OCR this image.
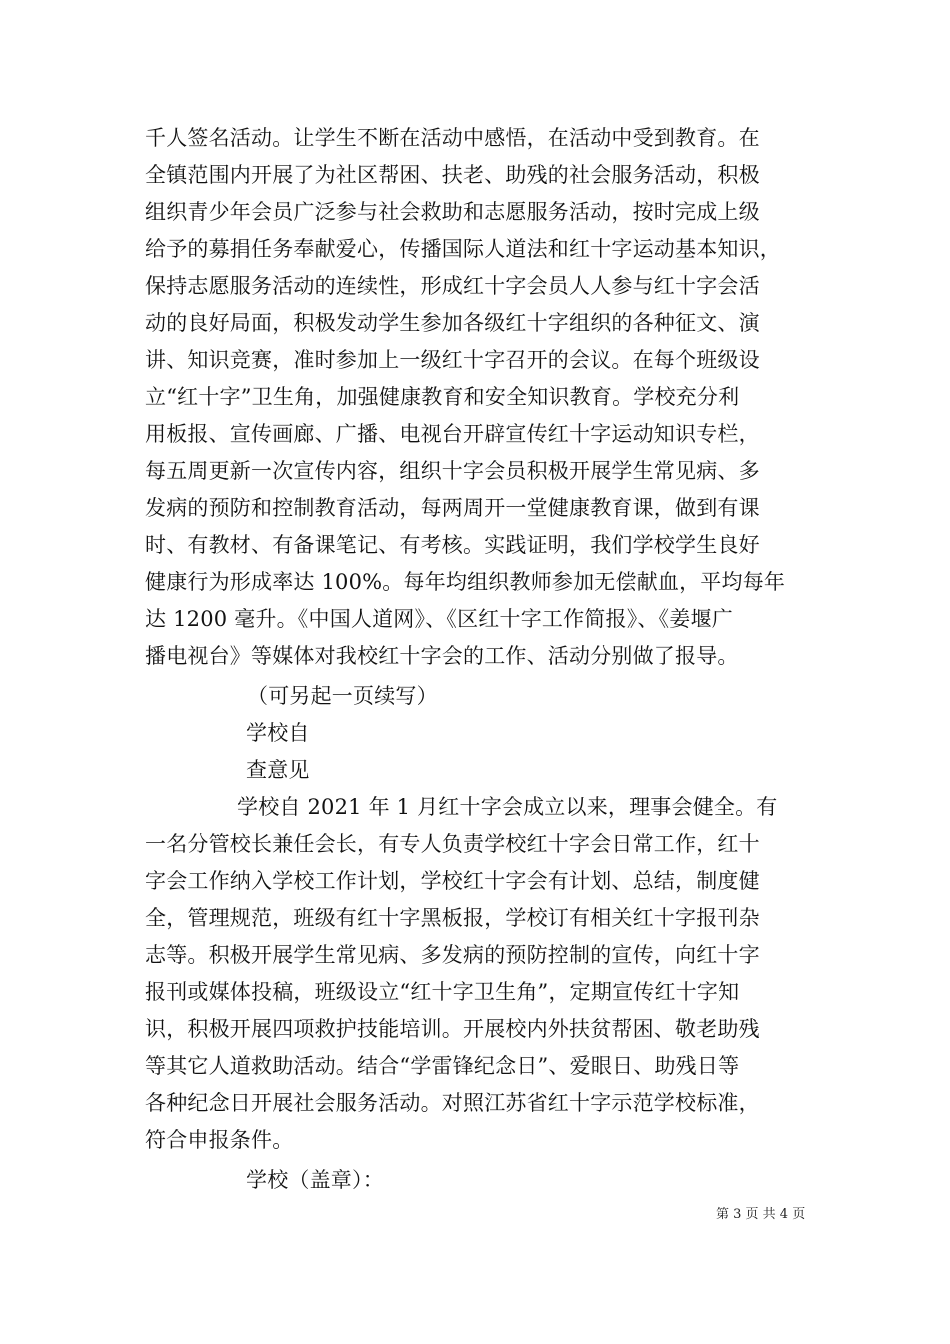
千人签名活动。让学生不断在活动中感悟，在活动中受到教育。在
全镇范围内开展了为社区帮困、扶老、助残的社会服务活动，积极
组织青少年会员广泛参与社会救助和志愿服务活动，按时完成上级
给予的募捐任务奉献爱心，传播国际人道法和红十字运动基本知识，
保持志愿服务活动的连续性，形成红十字会员人人参与红十字会活
动的良好局面，积极发动学生参加各级红十字组织的各种征文、演
讲、知识竞赛，准时参加上一级红十字召开的会议。在每个班级设
立“红十字”卫生角，加强健康教育和安全知识教育。学校充分利
用板报、宣传画廊、广播、电视台开辟宣传红十字运动知识专栏，
每五周更新一次宣传内容，组织十字会员积极开展学生常见病、多
发病的预防和控制教育活动，每两周开一堂健康教育课，做到有课
时、有教材、有备课笔记、有考核。实践证明，我们学校学生良好
健康行为形成率达 100%。每年均组织教师参加无偿献血，平均每年
达 1200 毫升。《中国人道网》、《区红十字工作简报》、《姜堰广
播电视台》等媒体对我校红十字会的工作、活动分别做了报导。
（可另起一页续写）
学校自
查意见
学校自 2021 年 1 月红十字会成立以来，理事会健全。有
一名分管校长兼任会长，有专人负责学校红十字会日常工作，红十
字会工作纳入学校工作计划，学校红十字会有计划、总结，制度健
全，管理规范，班级有红十字黑板报，学校订有相关红十字报刊杂
志等。积极开展学生常见病、多发病的预防控制的宣传，向红十字
报刊或媒体投稿，班级设立“红十字卫生角”，定期宣传红十字知
识，积极开展四项救护技能培训。开展校内外扶贫帮困、敬老助残
等其它人道救助活动。结合“学雷锋纪念日”、爱眼日、助残日等
各种纪念日开展社会服务活动。对照江苏省红十字示范学校标准，
符合申报条件。
学校（盖章）：
第 3 页 共 4 页
